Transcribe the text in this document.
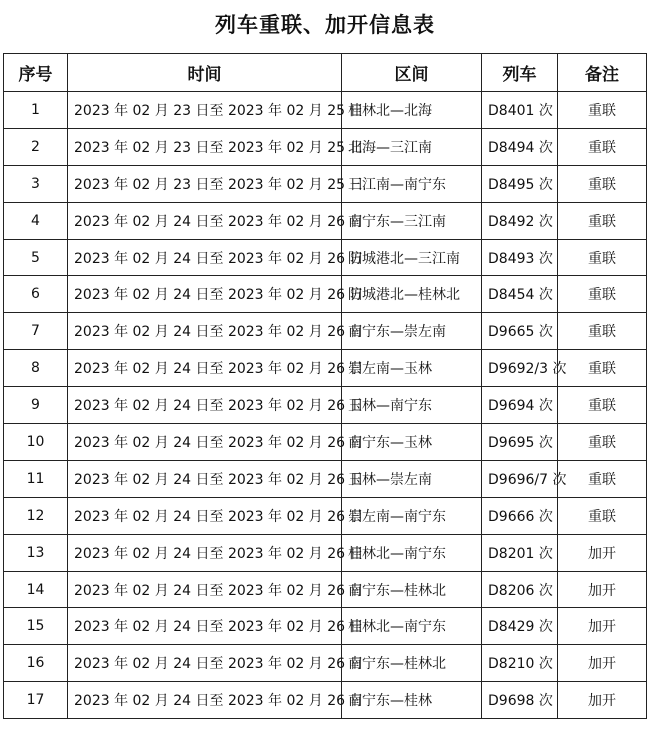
列车重联、加开信息表
序号	时间	区间	列车	备注
1	2023 年 02 月 23 日至 2023 年 02 月 25 日	桂林北—北海	D8401 次	重联
2	2023 年 02 月 23 日至 2023 年 02 月 25 日	北海—三江南	D8494 次	重联
3	2023 年 02 月 23 日至 2023 年 02 月 25 日	三江南—南宁东	D8495 次	重联
4	2023 年 02 月 24 日至 2023 年 02 月 26 日	南宁东—三江南	D8492 次	重联
5	2023 年 02 月 24 日至 2023 年 02 月 26 日	防城港北—三江南	D8493 次	重联
6	2023 年 02 月 24 日至 2023 年 02 月 26 日	防城港北—桂林北	D8454 次	重联
7	2023 年 02 月 24 日至 2023 年 02 月 26 日	南宁东—崇左南	D9665 次	重联
8	2023 年 02 月 24 日至 2023 年 02 月 26 日	崇左南—玉林	D9692/3 次	重联
9	2023 年 02 月 24 日至 2023 年 02 月 26 日	玉林—南宁东	D9694 次	重联
10	2023 年 02 月 24 日至 2023 年 02 月 26 日	南宁东—玉林	D9695 次	重联
11	2023 年 02 月 24 日至 2023 年 02 月 26 日	玉林—崇左南	D9696/7 次	重联
12	2023 年 02 月 24 日至 2023 年 02 月 26 日	崇左南—南宁东	D9666 次	重联
13	2023 年 02 月 24 日至 2023 年 02 月 26 日	桂林北—南宁东	D8201 次	加开
14	2023 年 02 月 24 日至 2023 年 02 月 26 日	南宁东—桂林北	D8206 次	加开
15	2023 年 02 月 24 日至 2023 年 02 月 26 日	桂林北—南宁东	D8429 次	加开
16	2023 年 02 月 24 日至 2023 年 02 月 26 日	南宁东—桂林北	D8210 次	加开
17	2023 年 02 月 24 日至 2023 年 02 月 26 日	南宁东—桂林	D9698 次	加开
